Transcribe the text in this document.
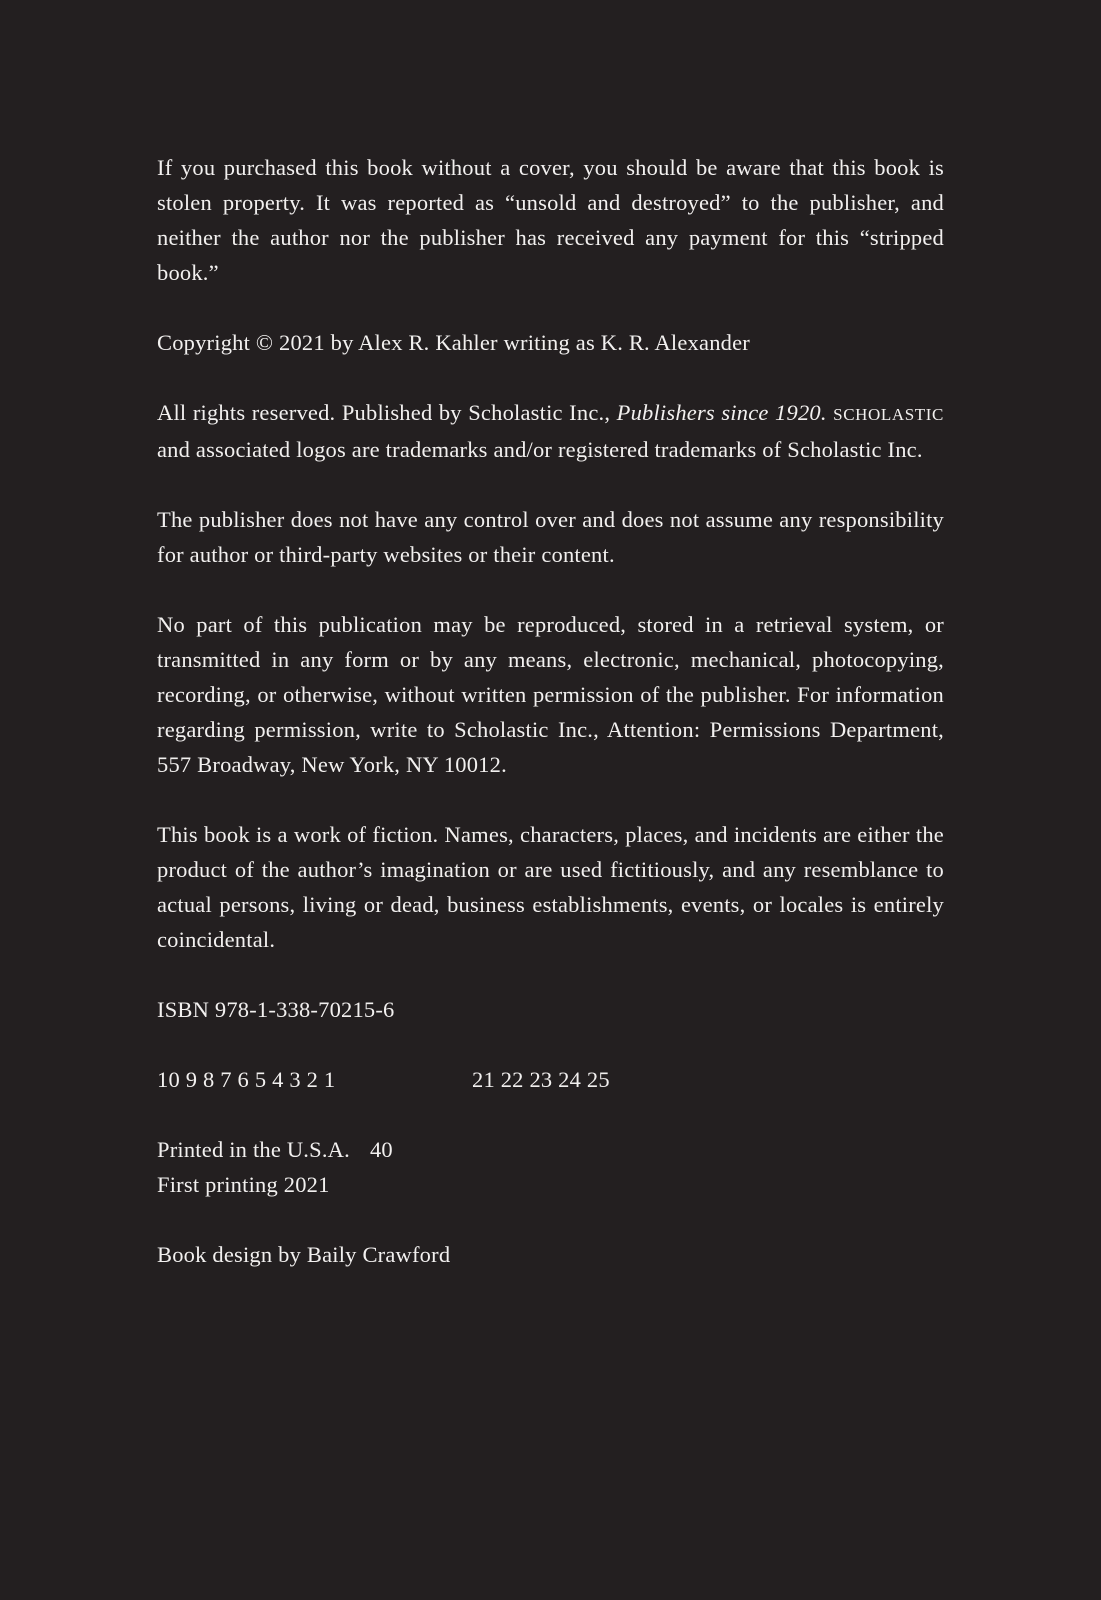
If you purchased this book without a cover, you should be aware that this book is stolen property. It was reported as “unsold and destroyed” to the publisher, and neither the author nor the publisher has received any payment for this “stripped book.”

Copyright © 2021 by Alex R. Kahler writing as K. R. Alexander

All rights reserved. Published by Scholastic Inc., Publishers since 1920. SCHOLASTIC and associated logos are trademarks and/or registered trademarks of Scholastic Inc.

The publisher does not have any control over and does not assume any responsibility for author or third-party websites or their content.

No part of this publication may be reproduced, stored in a retrieval system, or transmitted in any form or by any means, electronic, mechanical, photocopying, recording, or otherwise, without written permission of the publisher. For information regarding permission, write to Scholastic Inc., Attention: Permissions Department, 557 Broadway, New York, NY 10012.

This book is a work of fiction. Names, characters, places, and incidents are either the product of the author’s imagination or are used fictitiously, and any resemblance to actual persons, living or dead, business establishments, events, or locales is entirely coincidental.

ISBN 978-1-338-70215-6

10 9 8 7 6 5 4 3 2 1	21 22 23 24 25
Printed in the U.S.A. 40
First printing 2021

Book design by Baily Crawford
